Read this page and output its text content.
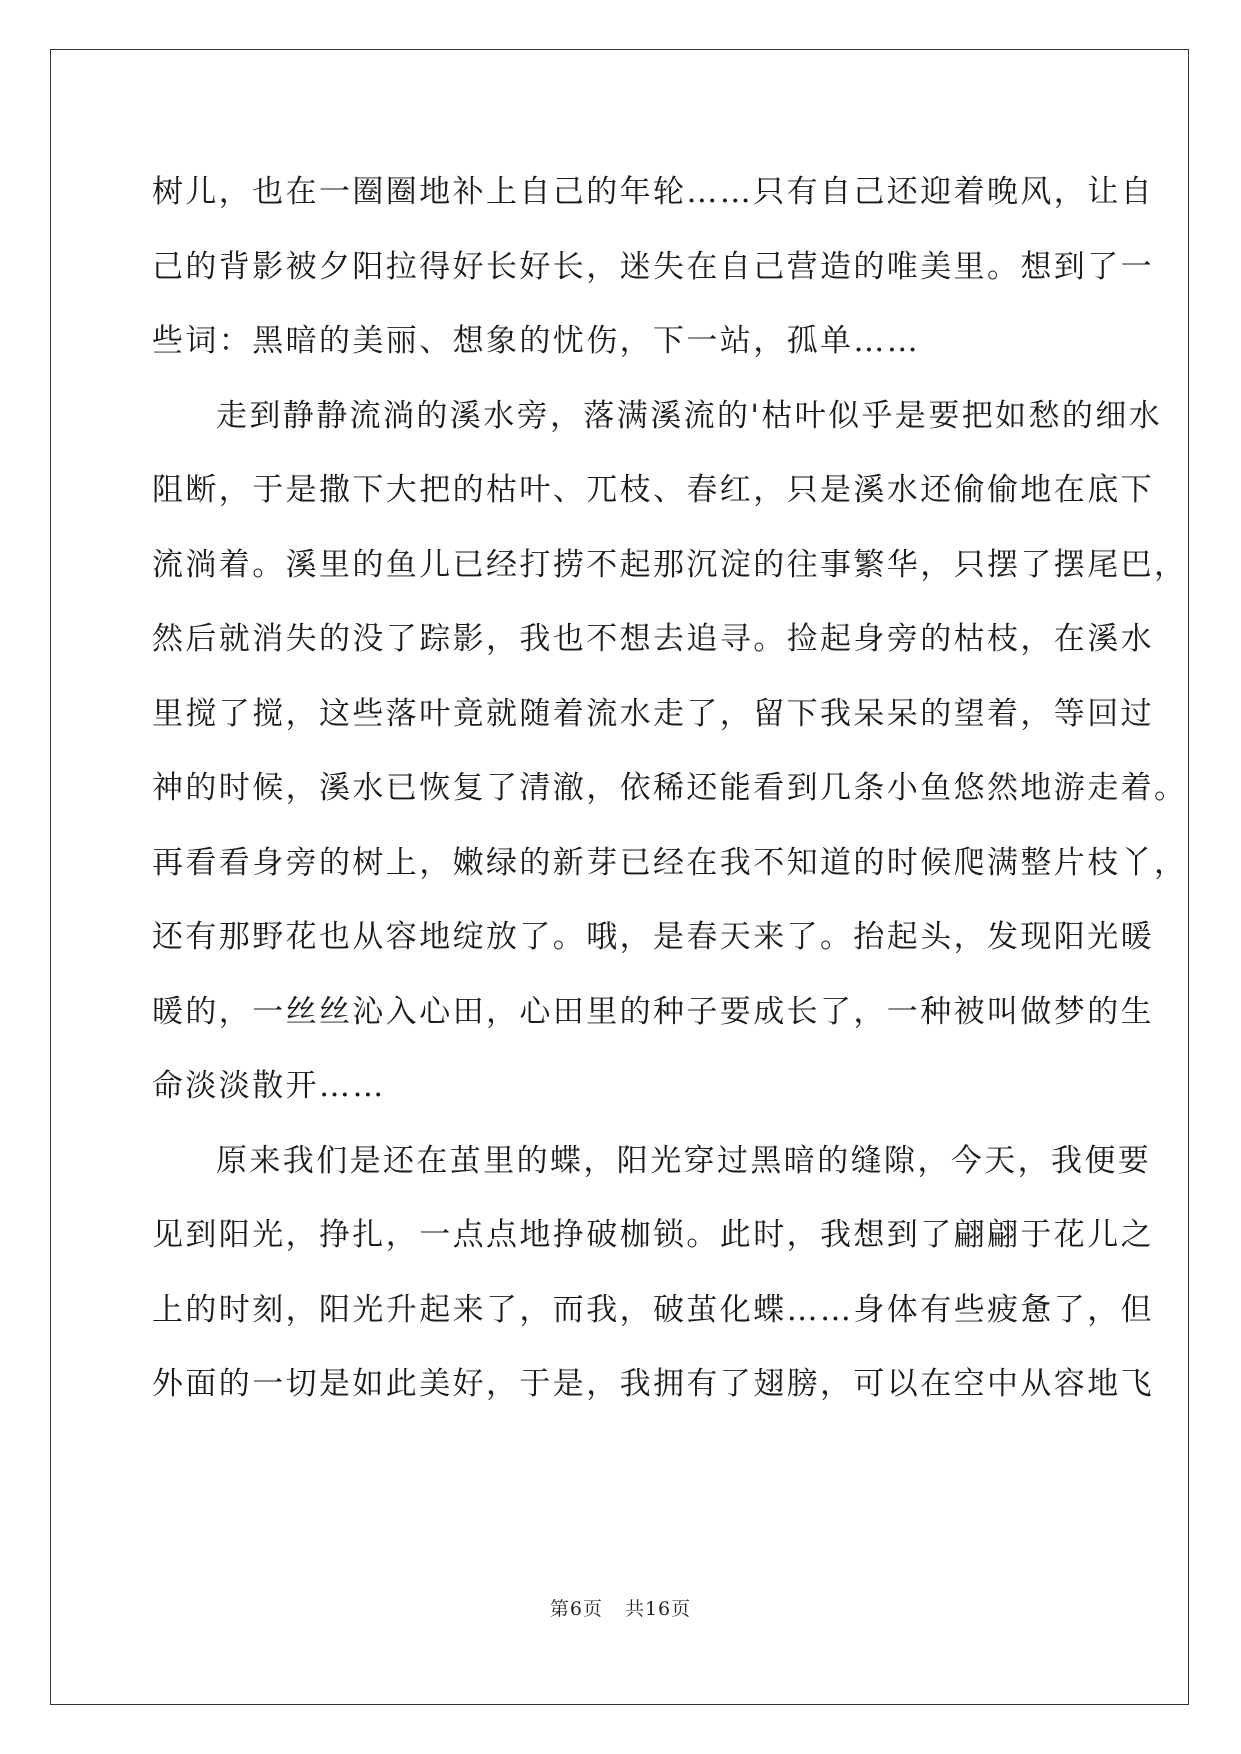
树儿，也在一圈圈地补上自己的年轮……只有自己还迎着晚风，让自
己的背影被夕阳拉得好长好长，迷失在自己营造的唯美里。想到了一
些词：黑暗的美丽、想象的忧伤，下一站，孤单……
走到静静流淌的溪水旁，落满溪流的'枯叶似乎是要把如愁的细水
阻断，于是撒下大把的枯叶、兀枝、春红，只是溪水还偷偷地在底下
流淌着。溪里的鱼儿已经打捞不起那沉淀的往事繁华，只摆了摆尾巴，
然后就消失的没了踪影，我也不想去追寻。捡起身旁的枯枝，在溪水
里搅了搅，这些落叶竟就随着流水走了，留下我呆呆的望着，等回过
神的时候，溪水已恢复了清澈，依稀还能看到几条小鱼悠然地游走着。
再看看身旁的树上，嫩绿的新芽已经在我不知道的时候爬满整片枝丫，
还有那野花也从容地绽放了。哦，是春天来了。抬起头，发现阳光暖
暖的，一丝丝沁入心田，心田里的种子要成长了，一种被叫做梦的生
命淡淡散开……
原来我们是还在茧里的蝶，阳光穿过黑暗的缝隙，今天，我便要
见到阳光，挣扎，一点点地挣破枷锁。此时，我想到了翩翩于花儿之
上的时刻，阳光升起来了，而我，破茧化蝶……身体有些疲惫了，但
外面的一切是如此美好，于是，我拥有了翅膀，可以在空中从容地飞
第6页 共16页
